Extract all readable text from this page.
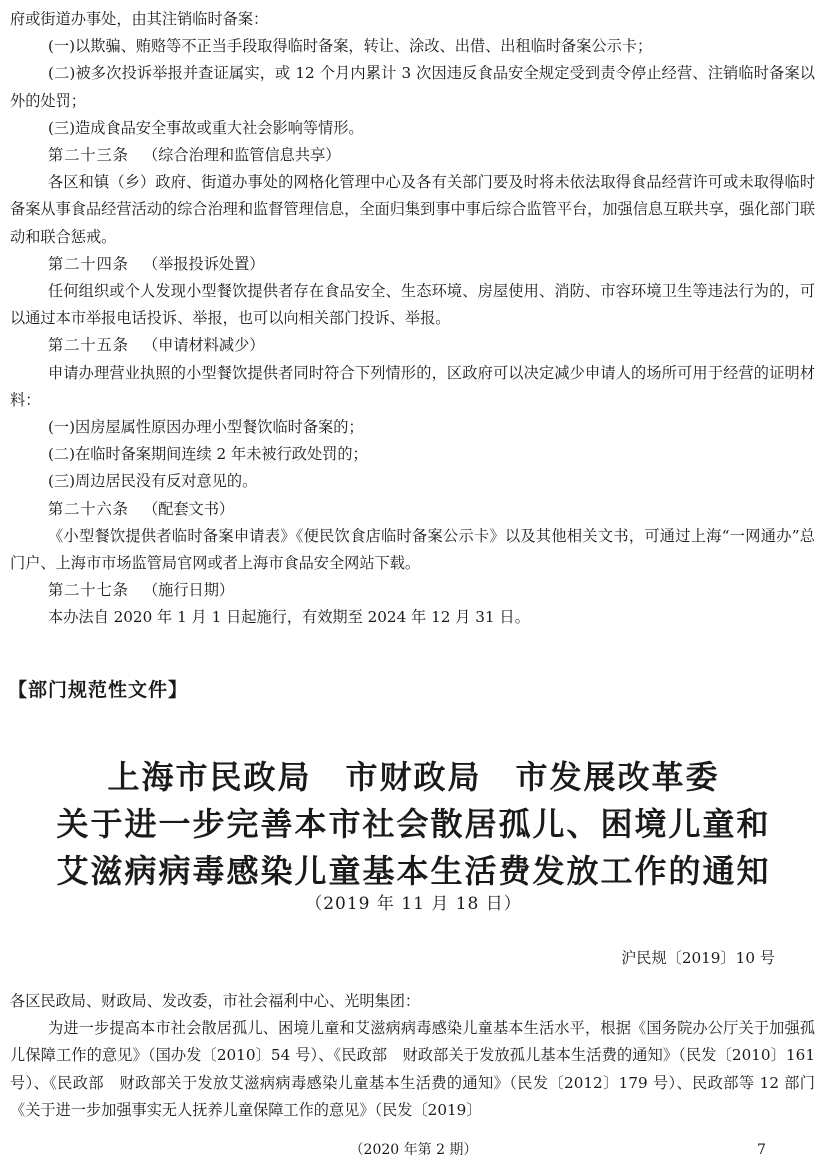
府或街道办事处，由其注销临时备案：

(一)以欺骗、贿赂等不正当手段取得临时备案，转让、涂改、出借、出租临时备案公示卡；

(二)被多次投诉举报并查证属实，或 12 个月内累计 3 次因违反食品安全规定受到责令停止经营、注销临时备案以外的处罚；

(三)造成食品安全事故或重大社会影响等情形。

第二十三条 （综合治理和监管信息共享）

各区和镇（乡）政府、街道办事处的网格化管理中心及各有关部门要及时将未依法取得食品经营许可或未取得临时备案从事食品经营活动的综合治理和监督管理信息，全面归集到事中事后综合监管平台，加强信息互联共享，强化部门联动和联合惩戒。

第二十四条 （举报投诉处置）

任何组织或个人发现小型餐饮提供者存在食品安全、生态环境、房屋使用、消防、市容环境卫生等违法行为的，可以通过本市举报电话投诉、举报，也可以向相关部门投诉、举报。

第二十五条 （申请材料减少）

申请办理营业执照的小型餐饮提供者同时符合下列情形的，区政府可以决定减少申请人的场所可用于经营的证明材料：

(一)因房屋属性原因办理小型餐饮临时备案的；

(二)在临时备案期间连续 2 年未被行政处罚的；

(三)周边居民没有反对意见的。

第二十六条 （配套文书）

《小型餐饮提供者临时备案申请表》《便民饮食店临时备案公示卡》以及其他相关文书，可通过上海“一网通办”总门户、上海市市场监管局官网或者上海市食品安全网站下载。

第二十七条 （施行日期）

本办法自 2020 年 1 月 1 日起施行，有效期至 2024 年 12 月 31 日。

【部门规范性文件】
上海市民政局　市财政局　市发展改革委
关于进一步完善本市社会散居孤儿、困境儿童和
艾滋病病毒感染儿童基本生活费发放工作的通知
（2019 年 11 月 18 日）
沪民规〔2019〕10 号

各区民政局、财政局、发改委，市社会福利中心、光明集团：

为进一步提高本市社会散居孤儿、困境儿童和艾滋病病毒感染儿童基本生活水平，根据《国务院办公厅关于加强孤儿保障工作的意见》（国办发〔2010〕54 号）、《民政部　财政部关于发放孤儿基本生活费的通知》（民发〔2010〕161 号）、《民政部　财政部关于发放艾滋病病毒感染儿童基本生活费的通知》（民发〔2012〕179 号）、民政部等 12 部门《关于进一步加强事实无人抚养儿童保障工作的意见》（民发〔2019〕

（2020 年第 2 期）	7
